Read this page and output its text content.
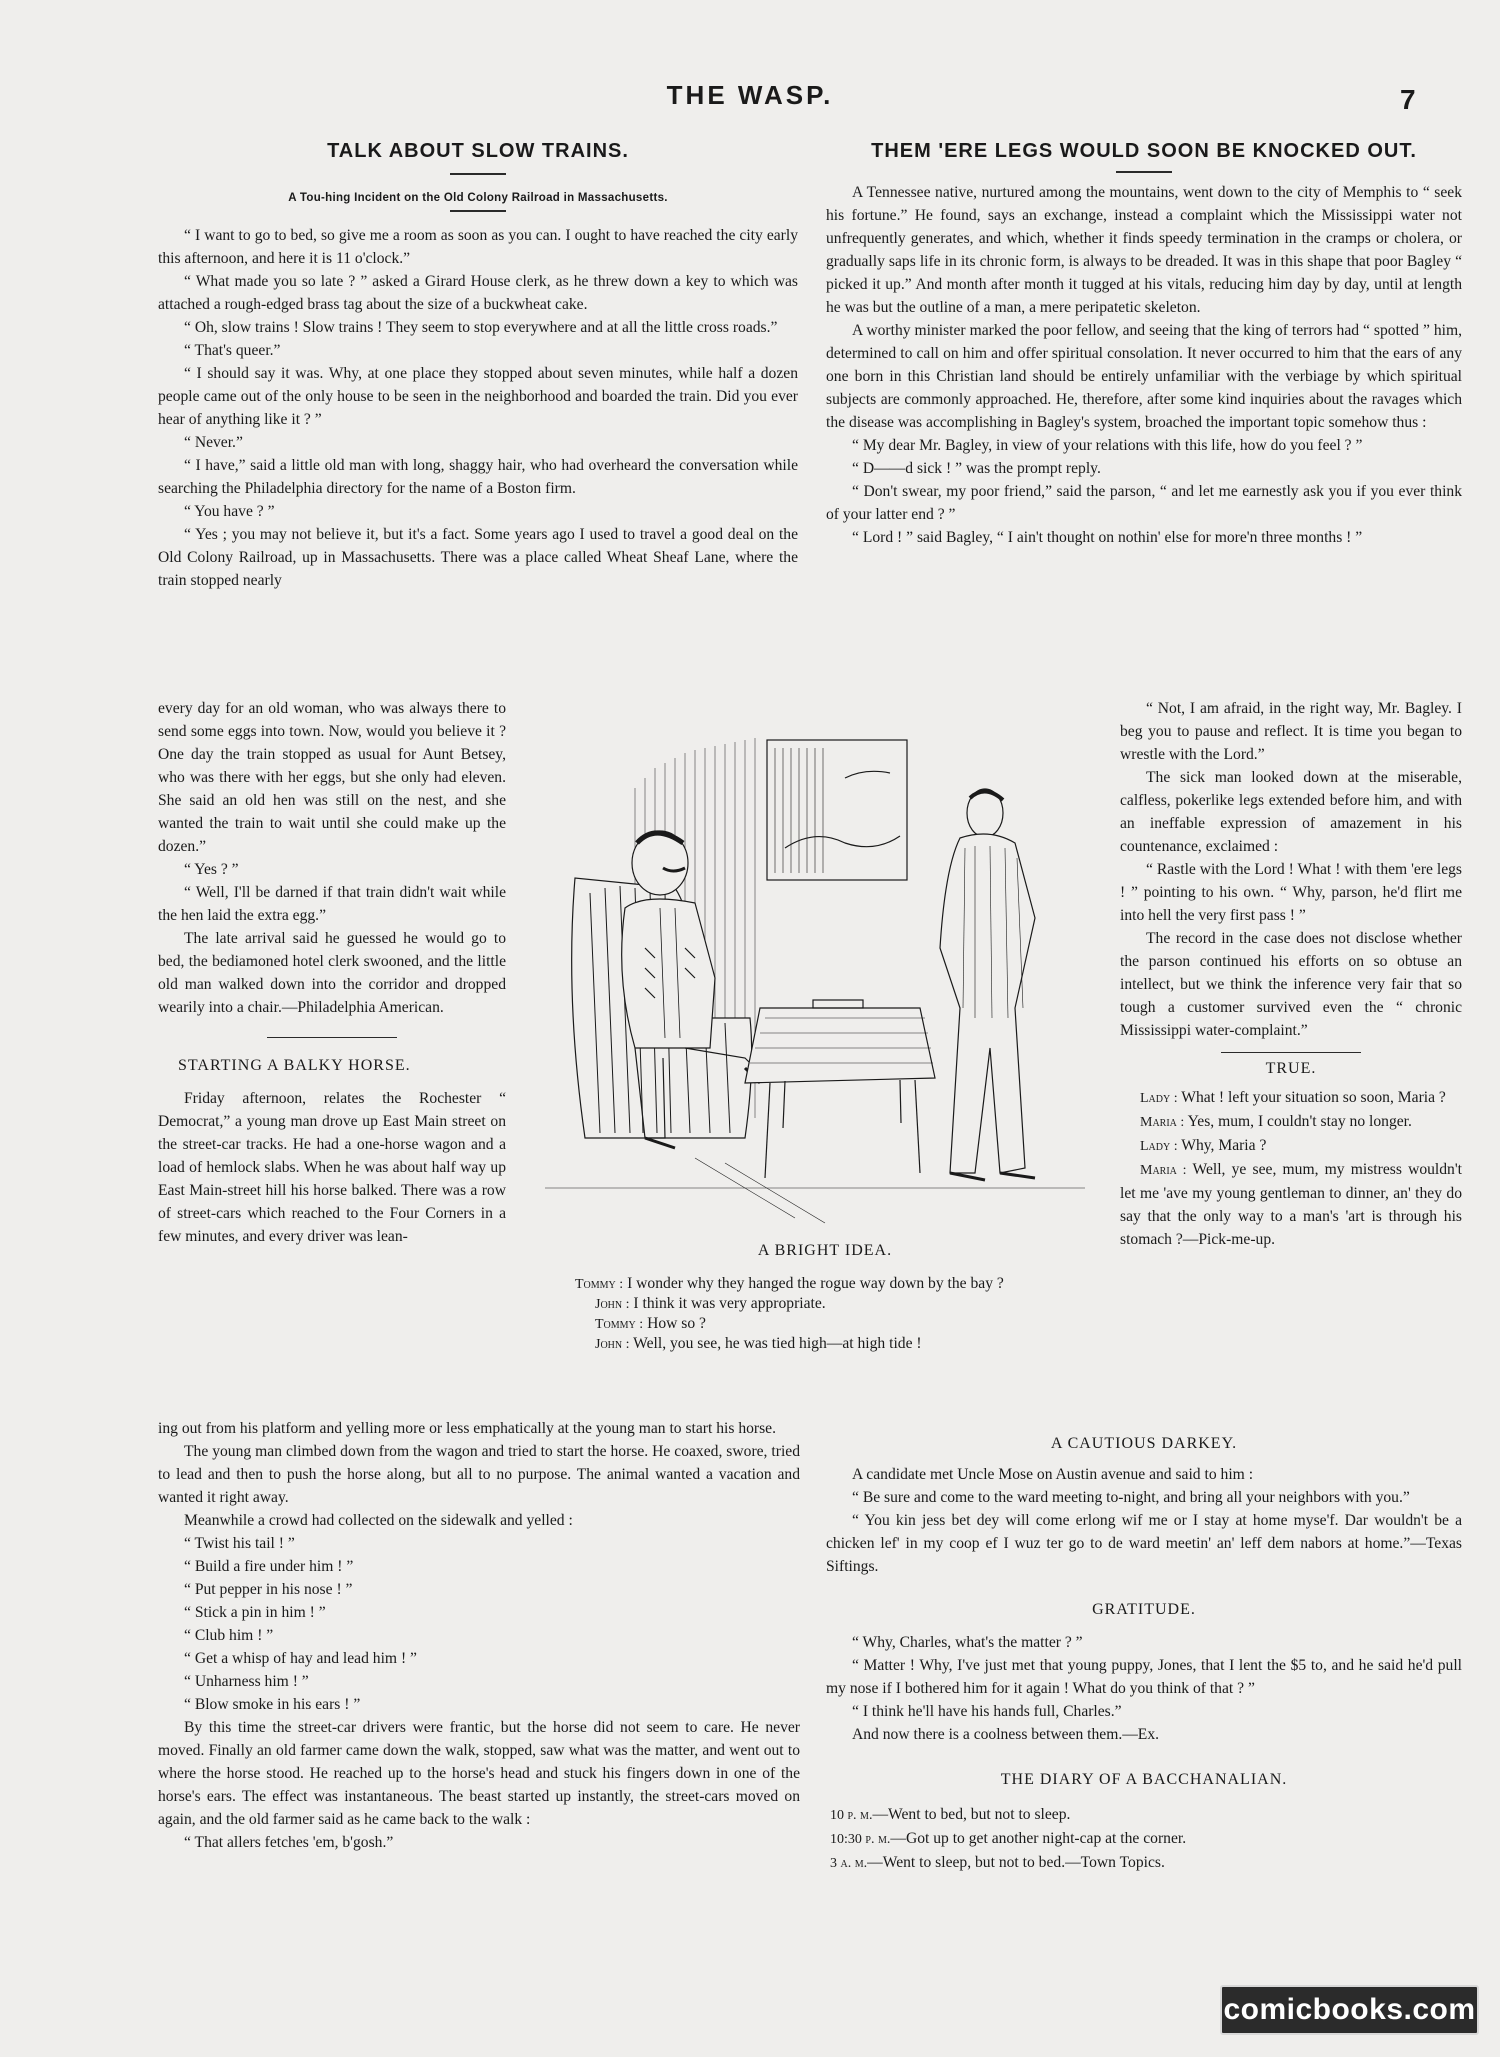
THE WASP.	7
TALK ABOUT SLOW TRAINS.

A Tou-hing Incident on the Old Colony Railroad in Massachusetts.

“ I want to go to bed, so give me a room as soon as you can. I ought to have reached the city early this afternoon, and here it is 11 o'clock.”

“ What made you so late ? ” asked a Girard House clerk, as he threw down a key to which was attached a rough-edged brass tag about the size of a buckwheat cake.

“ Oh, slow trains ! Slow trains ! They seem to stop everywhere and at all the little cross roads.”

“ That's queer.”

“ I should say it was. Why, at one place they stopped about seven minutes, while half a dozen people came out of the only house to be seen in the neighborhood and boarded the train. Did you ever hear of anything like it ? ”

“ Never.”

“ I have,” said a little old man with long, shaggy hair, who had overheard the conversation while searching the Philadelphia directory for the name of a Boston firm.

“ You have ? ”

“ Yes ; you may not believe it, but it's a fact. Some years ago I used to travel a good deal on the Old Colony Railroad, up in Massachusetts. There was a place called Wheat Sheaf Lane, where the train stopped nearly

every day for an old woman, who was always there to send some eggs into town. Now, would you believe it ? One day the train stopped as usual for Aunt Betsey, who was there with her eggs, but she only had eleven. She said an old hen was still on the nest, and she wanted the train to wait until she could make up the dozen.”

“ Yes ? ”

“ Well, I'll be darned if that train didn't wait while the hen laid the extra egg.”

The late arrival said he guessed he would go to bed, the bediamoned hotel clerk swooned, and the little old man walked down into the corridor and dropped wearily into a chair.—Philadelphia American.

STARTING A BALKY HORSE.

Friday afternoon, relates the Rochester “ Democrat,” a young man drove up East Main street on the street-car tracks. He had a one-horse wagon and a load of hemlock slabs. When he was about half way up East Main-street hill his horse balked. There was a row of street-cars which reached to the Four Corners in a few minutes, and every driver was lean-

ing out from his platform and yelling more or less emphatically at the young man to start his horse.

The young man climbed down from the wagon and tried to start the horse. He coaxed, swore, tried to lead and then to push the horse along, but all to no purpose. The animal wanted a vacation and wanted it right away.

Meanwhile a crowd had collected on the sidewalk and yelled :

“ Twist his tail ! ”

“ Build a fire under him ! ”

“ Put pepper in his nose ! ”

“ Stick a pin in him ! ”

“ Club him ! ”

“ Get a whisp of hay and lead him ! ”

“ Unharness him ! ”

“ Blow smoke in his ears ! ”

By this time the street-car drivers were frantic, but the horse did not seem to care. He never moved. Finally an old farmer came down the walk, stopped, saw what was the matter, and went out to where the horse stood. He reached up to the horse's head and stuck his fingers down in one of the horse's ears. The effect was instantaneous. The beast started up instantly, the street-cars moved on again, and the old farmer said as he came back to the walk :

“ That allers fetches 'em, b'gosh.”

THEM 'ERE LEGS WOULD SOON BE KNOCKED OUT.

A Tennessee native, nurtured among the mountains, went down to the city of Memphis to “ seek his fortune.” He found, says an exchange, instead a complaint which the Mississippi water not unfrequently generates, and which, whether it finds speedy termination in the cramps or cholera, or gradually saps life in its chronic form, is always to be dreaded. It was in this shape that poor Bagley “ picked it up.” And month after month it tugged at his vitals, reducing him day by day, until at length he was but the outline of a man, a mere peripatetic skeleton.

A worthy minister marked the poor fellow, and seeing that the king of terrors had “ spotted ” him, determined to call on him and offer spiritual consolation. It never occurred to him that the ears of any one born in this Christian land should be entirely unfamiliar with the verbiage by which spiritual subjects are commonly approached. He, therefore, after some kind inquiries about the ravages which the disease was accomplishing in Bagley's system, broached the important topic somehow thus :

“ My dear Mr. Bagley, in view of your relations with this life, how do you feel ? ”

“ D——d sick ! ” was the prompt reply.

“ Don't swear, my poor friend,” said the parson, “ and let me earnestly ask you if you ever think of your latter end ? ”

“ Lord ! ” said Bagley, “ I ain't thought on nothin' else for more'n three months ! ”

“ Not, I am afraid, in the right way, Mr. Bagley. I beg you to pause and reflect. It is time you began to wrestle with the Lord.”

The sick man looked down at the miserable, calfless, pokerlike legs extended before him, and with an ineffable expression of amazement in his countenance, exclaimed :

“ Rastle with the Lord ! What ! with them 'ere legs ! ” pointing to his own. “ Why, parson, he'd flirt me into hell the very first pass ! ”

The record in the case does not disclose whether the parson continued his efforts on so obtuse an intellect, but we think the inference very fair that so tough a customer survived even the “ chronic Mississippi water-complaint.”

TRUE.

Lady : What ! left your situation so soon, Maria ?

Maria : Yes, mum, I couldn't stay no longer.

Lady : Why, Maria ?

Maria : Well, ye see, mum, my mistress wouldn't let me 'ave my young gentleman to dinner, an' they do say that the only way to a man's 'art is through his stomach ?—Pick-me-up.

A CAUTIOUS DARKEY.

A candidate met Uncle Mose on Austin avenue and said to him :

“ Be sure and come to the ward meeting to-night, and bring all your neighbors with you.”

“ You kin jess bet dey will come erlong wif me or I stay at home myse'f. Dar wouldn't be a chicken lef' in my coop ef I wuz ter go to de ward meetin' an' leff dem nabors at home.”—Texas Siftings.

GRATITUDE.

“ Why, Charles, what's the matter ? ”

“ Matter ! Why, I've just met that young puppy, Jones, that I lent the $5 to, and he said he'd pull my nose if I bothered him for it again ! What do you think of that ? ”

“ I think he'll have his hands full, Charles.”

And now there is a coolness between them.—Ex.

THE DIARY OF A BACCHANALIAN.

10 p. m.—Went to bed, but not to sleep.

10:30 p. m.—Got up to get another night-cap at the corner.

3 a. m.—Went to sleep, but not to bed.—Town Topics.

A BRIGHT IDEA.

Tommy : I wonder why they hanged the rogue way down by the bay ?

John : I think it was very appropriate.

Tommy : How so ?

John : Well, you see, he was tied high—at high tide !

comicbooks.com
